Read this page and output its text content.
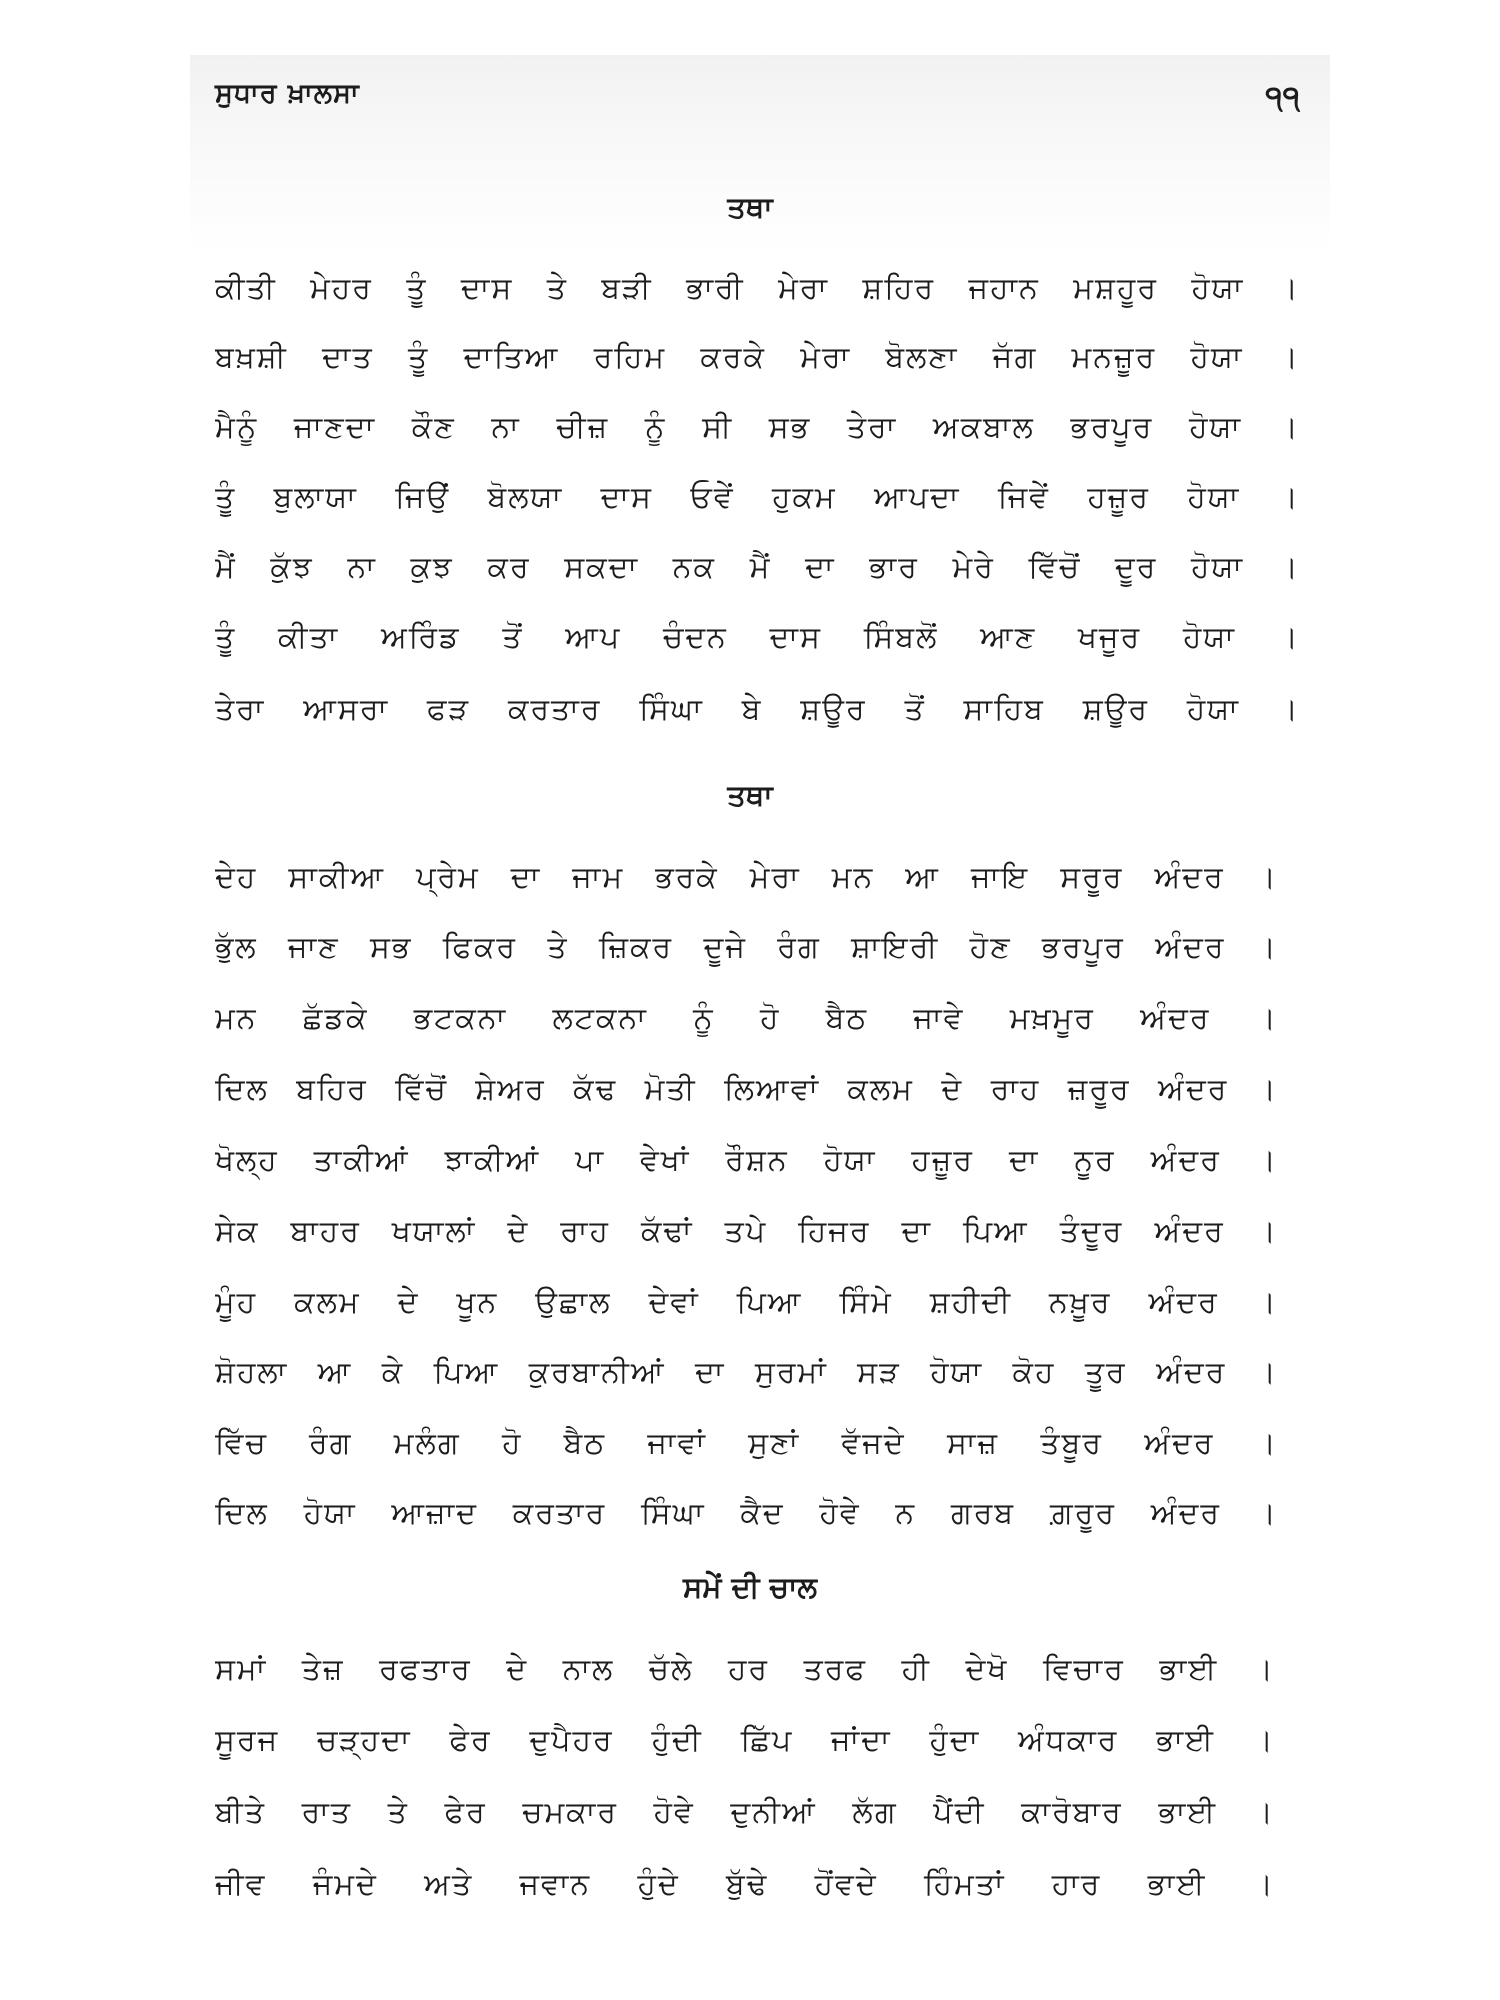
ਸੁਧਾਰ ਖ਼ਾਲਸਾ	੧੧
ਤਥਾ

ਕੀਤੀ ਮੇਹਰ ਤੂੰ ਦਾਸ ਤੇ ਬੜੀ ਭਾਰੀ ਮੇਰਾ ਸ਼ਹਿਰ ਜਹਾਨ ਮਸ਼ਹੂਰ ਹੋਯਾ ।

ਬਖ਼ਸ਼ੀ ਦਾਤ ਤੂੰ ਦਾਤਿਆ ਰਹਿਮ ਕਰਕੇ ਮੇਰਾ ਬੋਲਣਾ ਜੱਗ ਮਨਜ਼ੂਰ ਹੋਯਾ ।

ਮੈਨੂੰ ਜਾਣਦਾ ਕੌਣ ਨਾ ਚੀਜ਼ ਨੂੰ ਸੀ ਸਭ ਤੇਰਾ ਅਕਬਾਲ ਭਰਪੂਰ ਹੋਯਾ ।

ਤੂੰ ਬੁਲਾਯਾ ਜਿਉਂ ਬੋਲਯਾ ਦਾਸ ਓਵੇਂ ਹੁਕਮ ਆਪਦਾ ਜਿਵੇਂ ਹਜ਼ੂਰ ਹੋਯਾ ।

ਮੈਂ ਕੁੱਝ ਨਾ ਕੁਝ ਕਰ ਸਕਦਾ ਨਕ ਮੈਂ ਦਾ ਭਾਰ ਮੇਰੇ ਵਿੱਚੋਂ ਦੂਰ ਹੋਯਾ ।

ਤੂੰ ਕੀਤਾ ਅਰਿੰਡ ਤੋਂ ਆਪ ਚੰਦਨ ਦਾਸ ਸਿੰਬਲੋਂ ਆਣ ਖਜੂਰ ਹੋਯਾ ।

ਤੇਰਾ ਆਸਰਾ ਫੜ ਕਰਤਾਰ ਸਿੰਘਾ ਬੇ ਸ਼ਊਰ ਤੋਂ ਸਾਹਿਬ ਸ਼ਊਰ ਹੋਯਾ ।

ਤਥਾ

ਦੇਹ ਸਾਕੀਆ ਪ੍ਰੇਮ ਦਾ ਜਾਮ ਭਰਕੇ ਮੇਰਾ ਮਨ ਆ ਜਾਇ ਸਰੂਰ ਅੰਦਰ ।

ਭੁੱਲ ਜਾਣ ਸਭ ਫਿਕਰ ਤੇ ਜ਼ਿਕਰ ਦੂਜੇ ਰੰਗ ਸ਼ਾਇਰੀ ਹੋਣ ਭਰਪੂਰ ਅੰਦਰ ।

ਮਨ ਛੱਡਕੇ ਭਟਕਨਾ ਲਟਕਨਾ ਨੂੰ ਹੋ ਬੈਠ ਜਾਵੇ ਮਖ਼ਮੂਰ ਅੰਦਰ ।

ਦਿਲ ਬਹਿਰ ਵਿੱਚੋਂ ਸ਼ੇਅਰ ਕੱਢ ਮੋਤੀ ਲਿਆਵਾਂ ਕਲਮ ਦੇ ਰਾਹ ਜ਼ਰੂਰ ਅੰਦਰ ।

ਖੋਲ੍ਹ ਤਾਕੀਆਂ ਝਾਕੀਆਂ ਪਾ ਵੇਖਾਂ ਰੌਸ਼ਨ ਹੋਯਾ ਹਜ਼ੂਰ ਦਾ ਨੂਰ ਅੰਦਰ ।

ਸੇਕ ਬਾਹਰ ਖਯਾਲਾਂ ਦੇ ਰਾਹ ਕੱਢਾਂ ਤਪੇ ਹਿਜਰ ਦਾ ਪਿਆ ਤੰਦੂਰ ਅੰਦਰ ।

ਮੂੰਹ ਕਲਮ ਦੇ ਖੂਨ ਉਛਾਲ ਦੇਵਾਂ ਪਿਆ ਸਿੰਮੇ ਸ਼ਹੀਦੀ ਨਖ਼ੂਰ ਅੰਦਰ ।

ਸ਼ੋਹਲਾ ਆ ਕੇ ਪਿਆ ਕੁਰਬਾਨੀਆਂ ਦਾ ਸੁਰਮਾਂ ਸੜ ਹੋਯਾ ਕੋਹ ਤੂਰ ਅੰਦਰ ।

ਵਿੱਚ ਰੰਗ ਮਲੰਗ ਹੋ ਬੈਠ ਜਾਵਾਂ ਸੁਣਾਂ ਵੱਜਦੇ ਸਾਜ਼ ਤੰਬੂਰ ਅੰਦਰ ।

ਦਿਲ ਹੋਯਾ ਆਜ਼ਾਦ ਕਰਤਾਰ ਸਿੰਘਾ ਕੈਦ ਹੋਵੇ ਨ ਗਰਬ ਗ਼ਰੂਰ ਅੰਦਰ ।

ਸਮੇਂ ਦੀ ਚਾਲ

ਸਮਾਂ ਤੇਜ਼ ਰਫਤਾਰ ਦੇ ਨਾਲ ਚੱਲੇ ਹਰ ਤਰਫ ਹੀ ਦੇਖੋ ਵਿਚਾਰ ਭਾਈ ।

ਸੂਰਜ ਚੜ੍ਹਦਾ ਫੇਰ ਦੁਪੈਹਰ ਹੁੰਦੀ ਛਿੱਪ ਜਾਂਦਾ ਹੁੰਦਾ ਅੰਧਕਾਰ ਭਾਈ ।

ਬੀਤੇ ਰਾਤ ਤੇ ਫੇਰ ਚਮਕਾਰ ਹੋਵੇ ਦੁਨੀਆਂ ਲੱਗ ਪੈਂਦੀ ਕਾਰੋਬਾਰ ਭਾਈ ।

ਜੀਵ ਜੰਮਦੇ ਅਤੇ ਜਵਾਨ ਹੁੰਦੇ ਬੁੱਢੇ ਹੋਂਵਦੇ ਹਿੰਮਤਾਂ ਹਾਰ ਭਾਈ ।
